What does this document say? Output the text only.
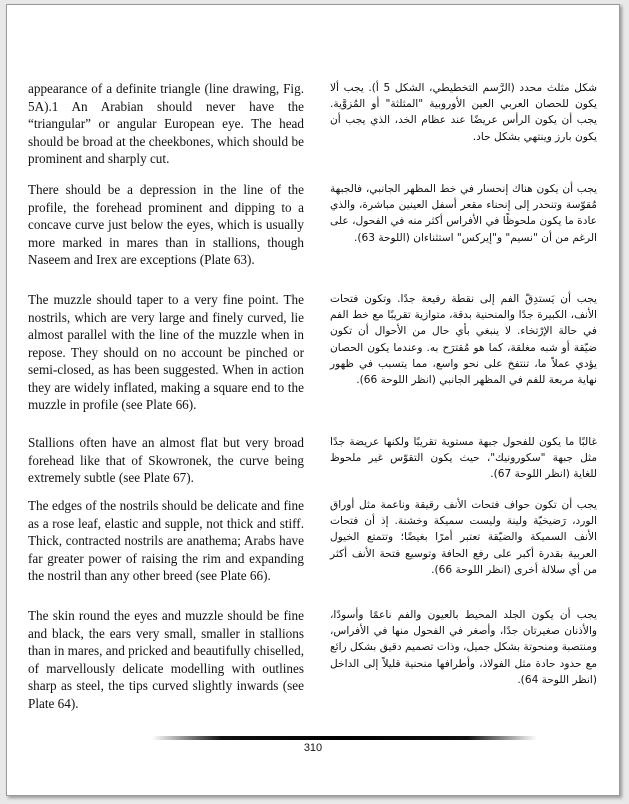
appearance of a definite triangle (line drawing, Fig. 5A).1 An Arabian should never have the “triangular” or angular European eye. The head should be broad at the cheekbones, which should be prominent and sharply cut.

شكل مثلث محدد (الرَّسم التخطيطي، الشكل 5 أ). يجب ألا يكون للحصان العربي العين الأوروبية "المثلثة" أو المُزوَّية. يجب أن يكون الرأس عريضًا عند عظام الخد، الذي يجب أن يكون بارز وينتهي بشكل حاد.

There should be a depression in the line of the profile, the forehead prominent and dipping to a concave curve just below the eyes, which is usually more marked in mares than in stallions, though Naseem and Irex are exceptions (Plate 63).

يجب أن يكون هناك إنحسار في خط المظهر الجانبي، فالجبهة مُقوّسة وتنحدر إلى إنحناء مقعر أسفل العينين مباشرة، والذي عادة ما يكون ملحوظًا في الأفراس أكثر منه في الفحول، على الرغم من أن "نسيم" و"إيركس" استثناءان (اللوحة 63).

The muzzle should taper to a very fine point. The nostrils, which are very large and finely curved, lie almost parallel with the line of the muzzle when in repose. They should on no account be pinched or semi-closed, as has been suggested. When in action they are widely inflated, making a square end to the muzzle in profile (see Plate 66).

يجب أن يَستدِقّ الفم إلى نقطة رفيعة جدًا. وتكون فتحات الأنف، الكبيرة جدًا والمنحنية بدقة، متوازية تقريبًا مع خط الفم في حالة الإرْتخاء. لا ينبغي بأي حال من الأحوال أن تكون ضيّقة أو شبه مغلقة، كما هو مُقترَح به. وعندما يكون الحصان يؤدي عملاً ما، تنتفخ على نحو واسع، مما يتسبب في ظهور نهاية مربعة للفم في المظهر الجانبي (انظر اللوحة 66).

Stallions often have an almost flat but very broad forehead like that of Skowronek, the curve being extremely subtle (see Plate 67).

غالبًا ما يكون للفحول جبهة مستوية تقريبًا ولكنها عريضة جدًا مثل جبهة "سكورونيك"، حيث يكون التقوّس غير ملحوظ للغاية (انظر اللوحة 67).

The edges of the nostrils should be delicate and fine as a rose leaf, elastic and supple, not thick and stiff. Thick, contracted nostrils are anathema; Arabs have far greater power of raising the rim and expanding the nostril than any other breed (see Plate 66).

يجب أن تكون حواف فتحات الأنف رقيقة وناعمة مثل أوراق الورد، رَضيخيّة ولينة وليست سميكة وخشنة. إذ أن فتحات الأنف السميكة والضيّقة تعتبر أمرًا بغيضًا؛ وتتمتع الخيول العربية بقدرة أكبر على رفع الحافة وتوسيع فتحة الأنف أكثر من أي سلالة أخرى (انظر اللوحة 66).

The skin round the eyes and muzzle should be fine and black, the ears very small, smaller in stallions than in mares, and pricked and beautifully chiselled, of marvellously delicate modelling with outlines sharp as steel, the tips curved slightly inwards (see Plate 64).

يجب أن يكون الجلد المحيط بالعيون والفم ناعمًا وأسودًا، والأذنان صغيرتان جدًا، وأصغر في الفحول منها في الأفراس، ومنتصبة ومنحوتة بشكل جميل، وذات تصميم دقيق بشكل رائع مع حدود حادة مثل الفولاذ، وأطرافها منحنية قليلاً إلى الداخل (انظر اللوحة 64).

310
